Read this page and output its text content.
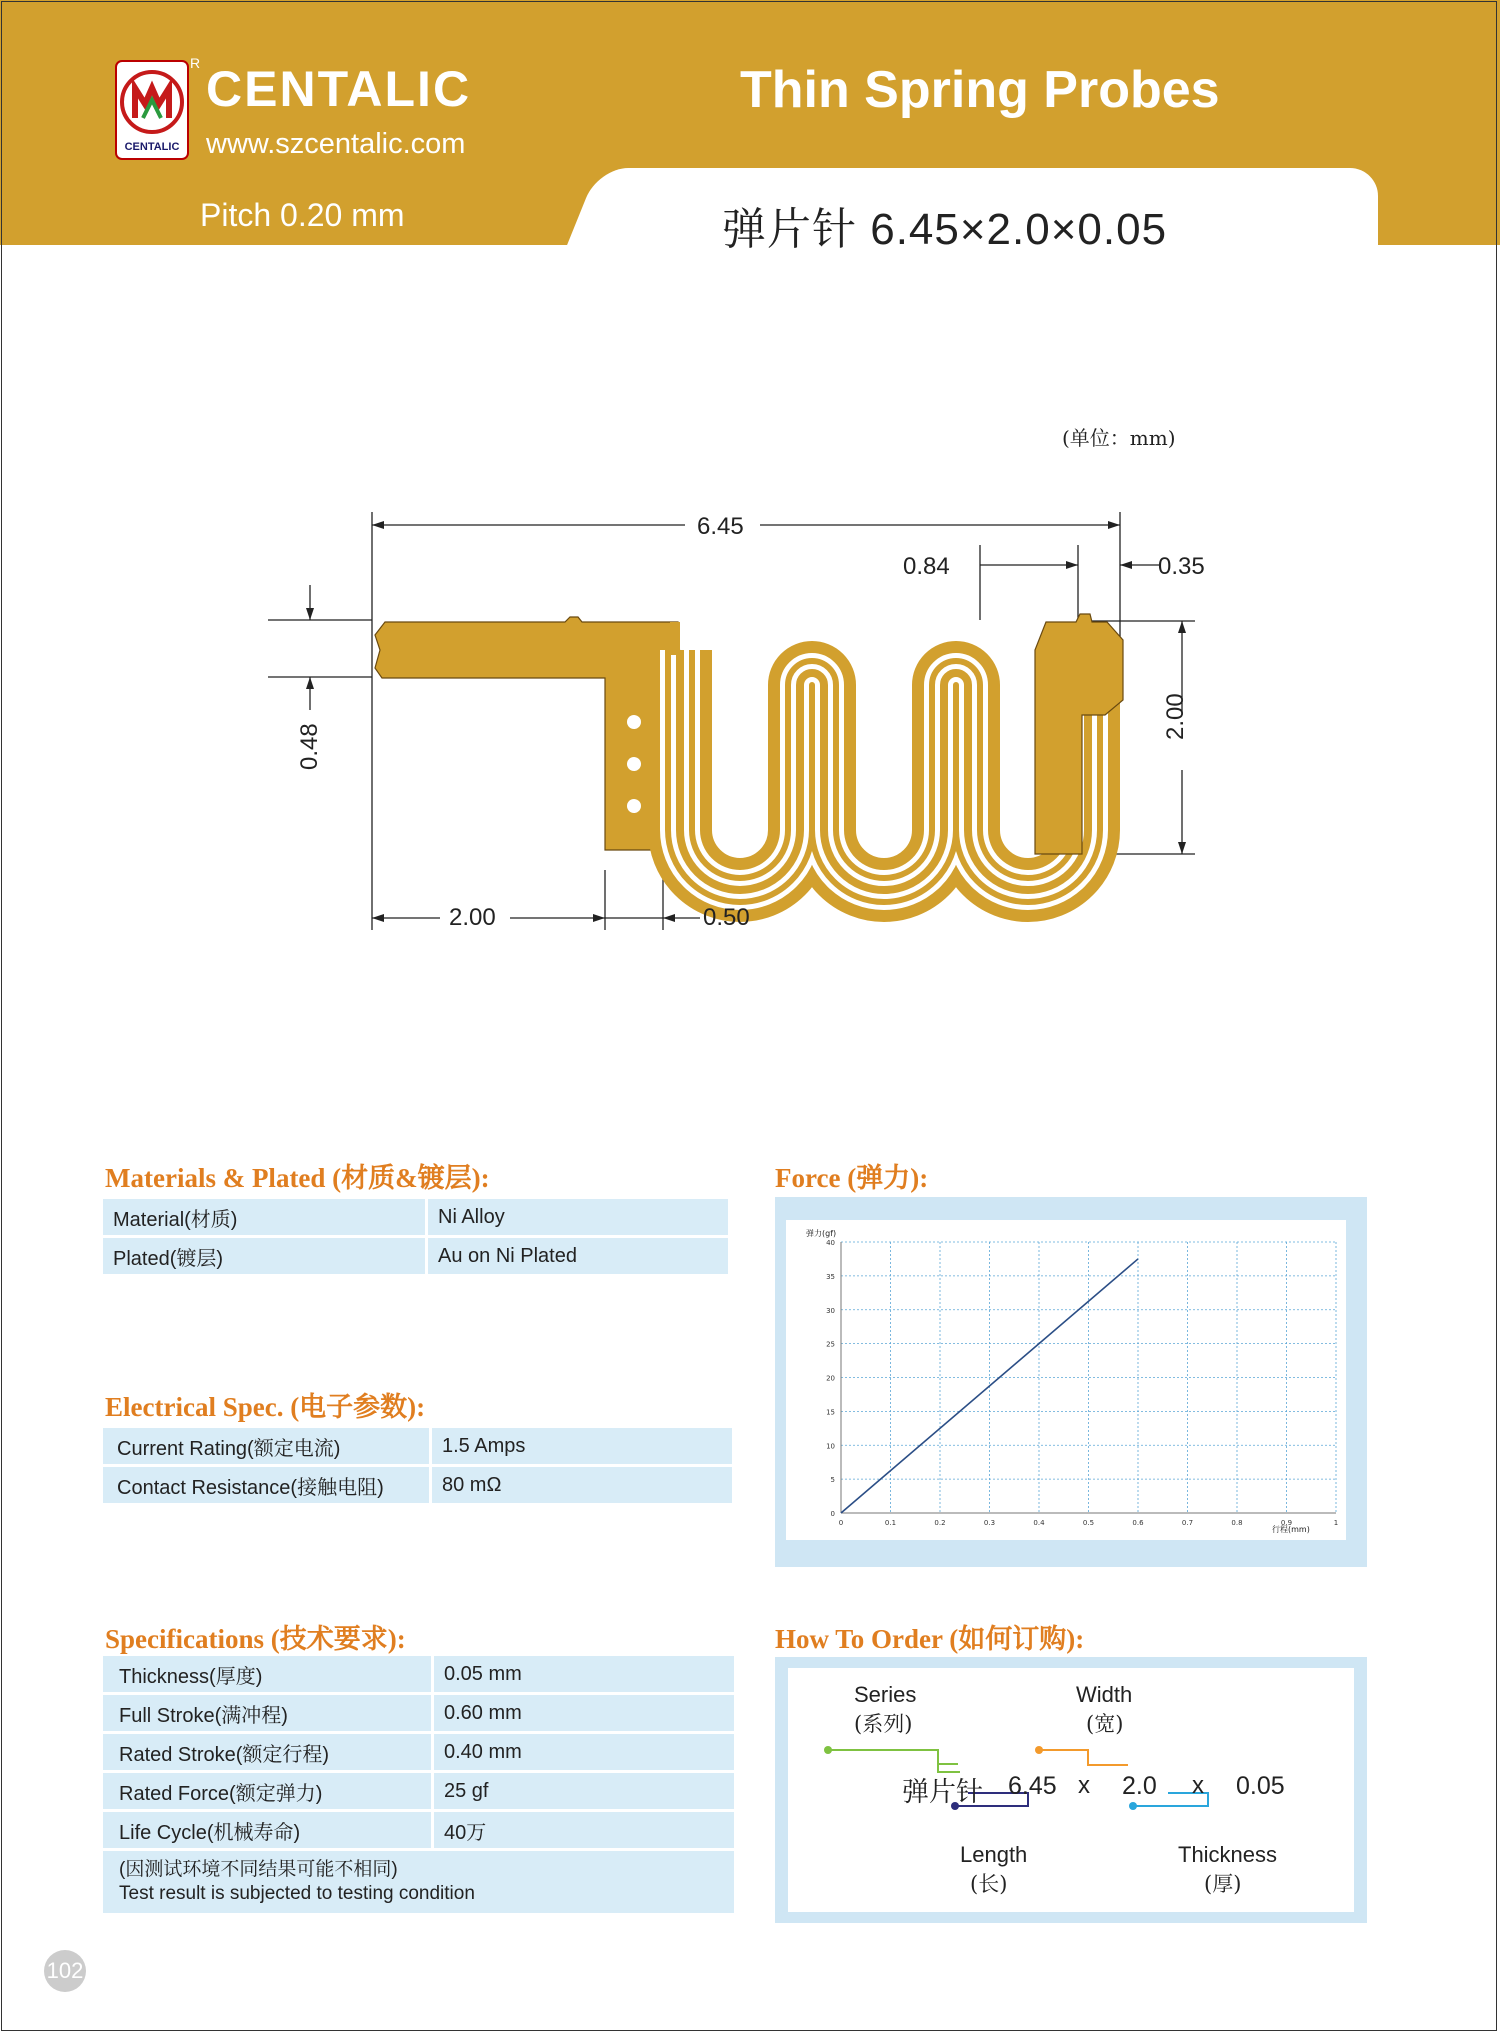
CENTALIC
R CENTALIC
www.szcentalic.com
Pitch 0.20 mm
Thin Spring Probes
弹片针 6.45×2.0×0.05
(单位：mm)
6.45
0.84	0.35
2.00
0.48
2.00	0.50
Materials & Plated (材质&镀层):
Material(材质)	Ni Alloy
Plated(镀层)	Au on Ni Plated
Electrical Spec. (电子参数):
Current Rating(额定电流)	1.5 Amps
Contact Resistance(接触电阻)	80 mΩ
Specifications (技术要求):
Thickness(厚度)	0.05 mm
Full Stroke(满冲程)	0.60 mm
Rated Stroke(额定行程)	0.40 mm
Rated Force(额定弹力)	25 gf
Life Cycle(机械寿命)	40万

(因测试环境不同结果可能不相同)
Test result is subjected to testing condition	
Force (弹力):
0	0.1	0.2	0.3	0.4	0.5	0.6	0.7	0.8	0.9	1
0
5
10
15
20
25
30
35
40
弹力(gf)
行程(mm)
How To Order (如何订购):
Series
(系列)
Width
(宽)
弹片针 6.45 x 2.0 x 0.05
Length
(长)
Thickness
(厚)
102
